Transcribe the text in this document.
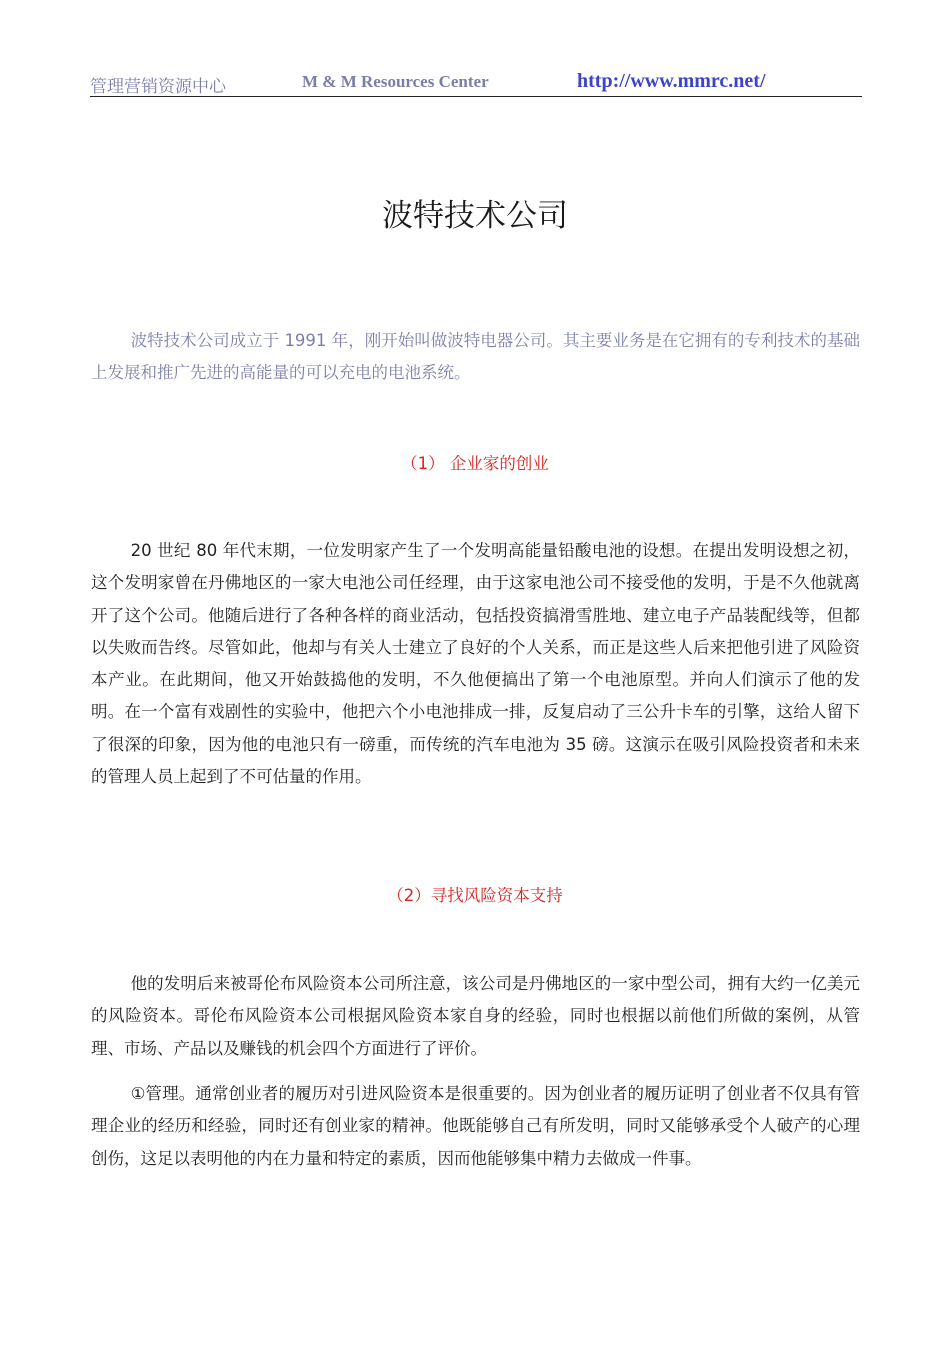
管理营销资源中心	M & M Resources Center	http://www.mmrc.net/
波特技术公司

波特技术公司成立于 1991 年，刚开始叫做波特电器公司。其主要业务是在它拥有的专利技术的基础上发展和推广先进的高能量的可以充电的电池系统。

（1） 企业家的创业

20 世纪 80 年代末期，一位发明家产生了一个发明高能量铅酸电池的设想。在提出发明设想之初，这个发明家曾在丹佛地区的一家大电池公司任经理，由于这家电池公司不接受他的发明，于是不久他就离开了这个公司。他随后进行了各种各样的商业活动，包括投资搞滑雪胜地、建立电子产品装配线等，但都以失败而告终。尽管如此，他却与有关人士建立了良好的个人关系，而正是这些人后来把他引进了风险资本产业。在此期间，他又开始鼓捣他的发明，不久他便搞出了第一个电池原型。并向人们演示了他的发明。在一个富有戏剧性的实验中，他把六个小电池排成一排，反复启动了三公升卡车的引擎，这给人留下了很深的印象，因为他的电池只有一磅重，而传统的汽车电池为 35 磅。这演示在吸引风险投资者和未来的管理人员上起到了不可估量的作用。

（2）寻找风险资本支持

他的发明后来被哥伦布风险资本公司所注意，该公司是丹佛地区的一家中型公司，拥有大约一亿美元的风险资本。哥伦布风险资本公司根据风险资本家自身的经验，同时也根据以前他们所做的案例，从管理、市场、产品以及赚钱的机会四个方面进行了评价。

①管理。通常创业者的履历对引进风险资本是很重要的。因为创业者的履历证明了创业者不仅具有管理企业的经历和经验，同时还有创业家的精神。他既能够自己有所发明，同时又能够承受个人破产的心理创伤，这足以表明他的内在力量和特定的素质，因而他能够集中精力去做成一件事。
